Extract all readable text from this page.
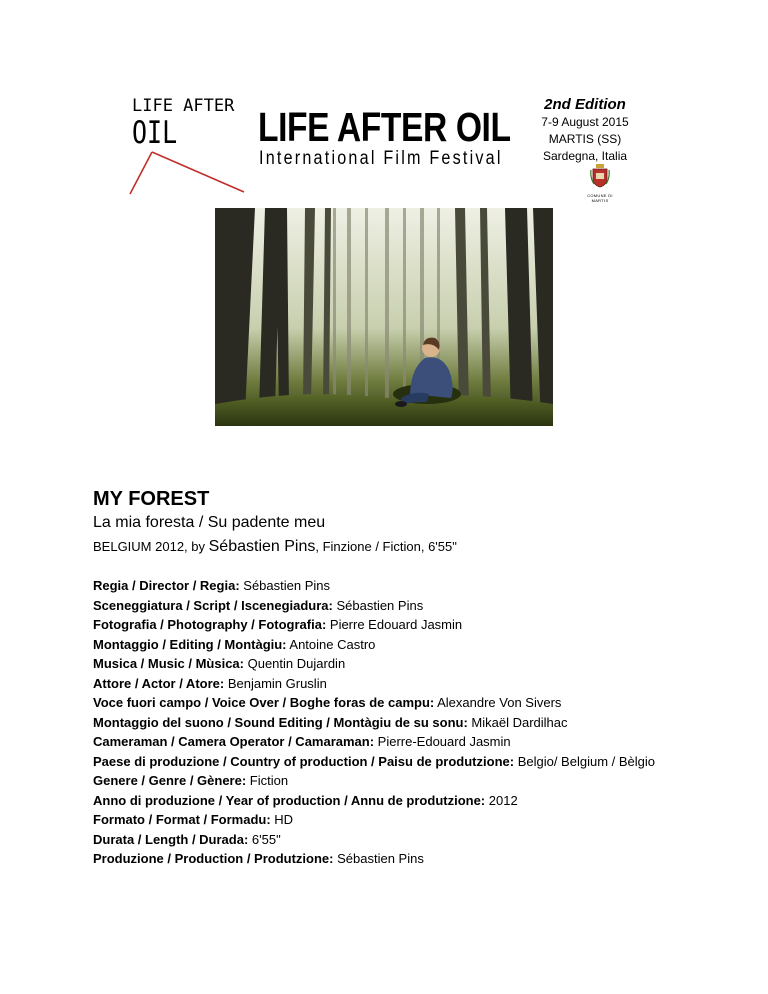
LIFE AFTER
OIL LIFE AFTER OIL
International Film Festival
2nd Edition
7-9 August 2015
MARTIS (SS)
Sardegna, Italia
COMUNE DI MARTIS
MY FOREST
La mia foresta / Su padente meu
BELGIUM 2012, by Sébastien Pins, Finzione / Fiction, 6'55"
Regia / Director / Regia: Sébastien Pins
Sceneggiatura / Script / Iscenegiadura: Sébastien Pins
Fotografia / Photography / Fotografia: Pierre Edouard Jasmin
Montaggio / Editing / Montàgiu: Antoine Castro
Musica / Music / Mùsica: Quentin Dujardin
Attore / Actor / Atore: Benjamin Gruslin
Voce fuori campo / Voice Over / Boghe foras de campu: Alexandre Von Sivers
Montaggio del suono / Sound Editing / Montàgiu de su sonu: Mikaël Dardilhac
Cameraman / Camera Operator / Camaraman: Pierre-Edouard Jasmin
Paese di produzione / Country of production / Paisu de produtzione: Belgio/ Belgium / Bèlgio
Genere / Genre / Gènere: Fiction
Anno di produzione / Year of production / Annu de produtzione: 2012
Formato / Format / Formadu: HD
Durata / Length / Durada: 6'55"
Produzione / Production / Produtzione: Sébastien Pins
